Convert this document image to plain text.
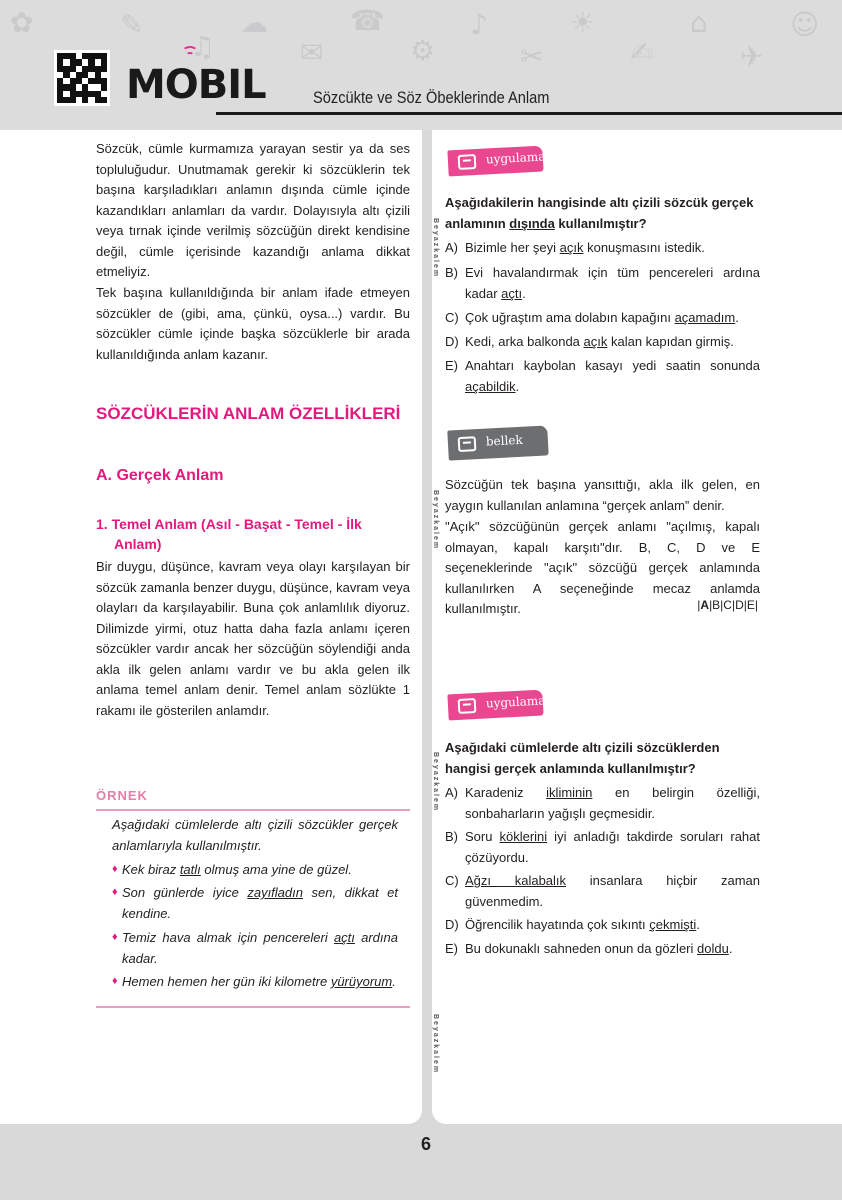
✎
♫
☁
✉
☎
⚙
♪
✂
☀
✍
⌂
✈
☺
✿
MOBIL	Sözcükte ve Söz Öbeklerinde Anlam
Beyazkalem
Beyazkalem
Beyazkalem
Beyazkalem
Sözcük, cümle kurmamıza yarayan sestir ya da ses topluluğudur. Unutmamak gerekir ki sözcüklerin tek başına karşıladıkları anlamın dışında cümle içinde kazandıkları anlamları da vardır. Dolayısıyla altı çizili veya tırnak içinde verilmiş sözcüğün direkt kendisine değil, cümle içerisinde kazandığı anlama dikkat etmeliyiz.
Tek başına kullanıldığında bir anlam ifade etmeyen sözcükler de (gibi, ama, çünkü, oysa...) vardır. Bu sözcükler cümle içinde başka sözcüklerle bir arada kullanıldığında anlam kazanır.
SÖZCÜKLERİN ANLAM ÖZELLİKLERİ
A. Gerçek Anlam
1. Temel Anlam (Asıl - Başat - Temel - İlk Anlam)
Bir duygu, düşünce, kavram veya olayı karşılayan bir sözcük zamanla benzer duygu, düşünce, kavram veya olayları da karşılayabilir. Buna çok anlamlılık diyoruz. Dilimizde yirmi, otuz hatta daha fazla anlamı içeren sözcükler vardır ancak her sözcüğün söylendiği anda akla ilk gelen anlamı vardır ve bu akla gelen ilk anlama temel anlam denir. Temel anlam sözlükte 1 rakamı ile gösterilen anlamdır.
ÖRNEK
Aşağıdaki cümlelerde altı çizili sözcükler gerçek anlamlarıyla kullanılmıştır.
♦ Kek biraz tatlı olmuş ama yine de güzel.
♦ Son günlerde iyice zayıfladın sen, dikkat et kendine.
♦ Temiz hava almak için pencereleri açtı ardına kadar.
♦ Hemen hemen her gün iki kilometre yürüyorum.
uygulama
Aşağıdakilerin hangisinde altı çizili sözcük gerçek anlamının dışında kullanılmıştır?
A) Bizimle her şeyi açık konuşmasını istedik.
B) Evi havalandırmak için tüm pencereleri ardına kadar açtı.
C) Çok uğraştım ama dolabın kapağını açamadım.
D) Kedi, arka balkonda açık kalan kapıdan girmiş.
E) Anahtarı kaybolan kasayı yedi saatin sonunda açabildik.
bellek
Sözcüğün tek başına yansıttığı, akla ilk gelen, en yaygın kullanılan anlamına “gerçek anlam” denir.
"Açık" sözcüğünün gerçek anlamı "açılmış, kapalı olmayan, kapalı karşıtı"dır. B, C, D ve E seçeneklerinde "açık" sözcüğü gerçek anlamında kullanılırken A seçeneğinde mecaz anlamda kullanılmıştır.	|A|B|C|D|E|
uygulama
Aşağıdaki cümlelerde altı çizili sözcüklerden hangisi gerçek anlamında kullanılmıştır?
A) Karadeniz ikliminin en belirgin özelliği, sonbaharların yağışlı geçmesidir.
B) Soru köklerini iyi anladığı takdirde soruları rahat çözüyordu.
C) Ağzı kalabalık insanlara hiçbir zaman güvenmedim.
D) Öğrencilik hayatında çok sıkıntı çekmişti.
E) Bu dokunaklı sahneden onun da gözleri doldu.
6
